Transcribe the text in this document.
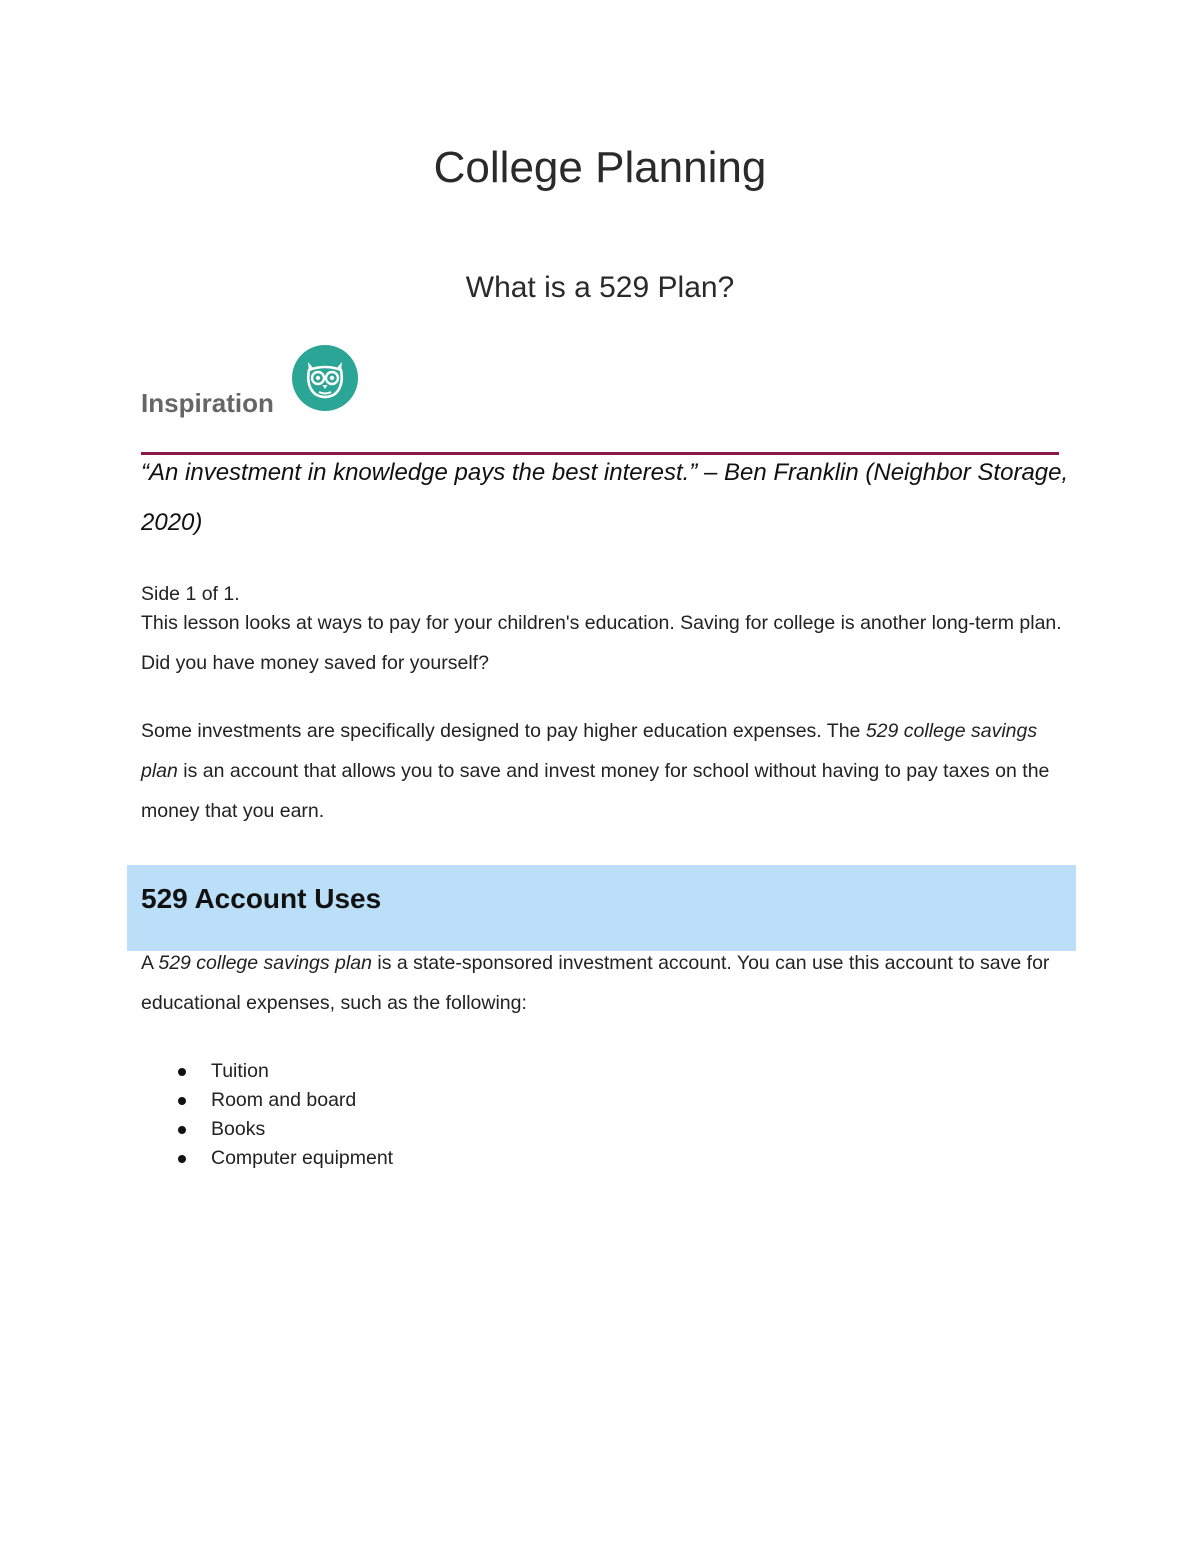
College Planning
What is a 529 Plan?
Inspiration
“An investment in knowledge pays the best interest.” – Ben Franklin (Neighbor Storage, 2020)
Side 1 of 1.
This lesson looks at ways to pay for your children's education. Saving for college is another long-term plan. Did you have money saved for yourself?
Some investments are specifically designed to pay higher education expenses. The 529 college savings plan is an account that allows you to save and invest money for school without having to pay taxes on the money that you earn.
529 Account Uses
A 529 college savings plan is a state-sponsored investment account. You can use this account to save for educational expenses, such as the following:
Tuition
Room and board
Books
Computer equipment
